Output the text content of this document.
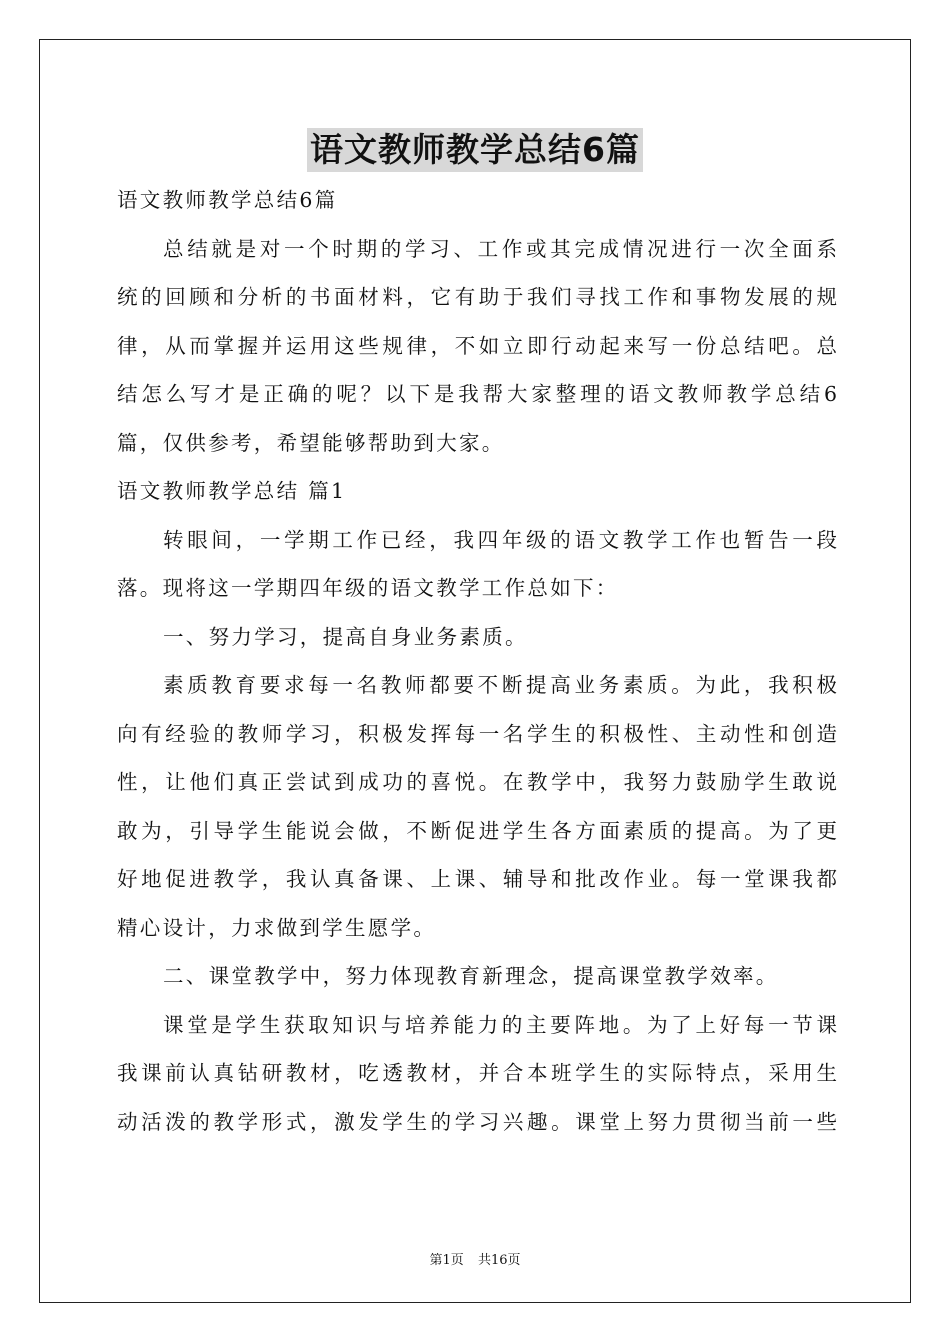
语文教师教学总结6篇
语文教师教学总结6篇
总结就是对一个时期的学习、工作或其完成情况进行一次全面系
统的回顾和分析的书面材料，它有助于我们寻找工作和事物发展的规
律，从而掌握并运用这些规律，不如立即行动起来写一份总结吧。总
结怎么写才是正确的呢？以下是我帮大家整理的语文教师教学总结6
篇，仅供参考，希望能够帮助到大家。
语文教师教学总结 篇1
转眼间，一学期工作已经，我四年级的语文教学工作也暂告一段
落。现将这一学期四年级的语文教学工作总如下：
一、努力学习，提高自身业务素质。
素质教育要求每一名教师都要不断提高业务素质。为此，我积极
向有经验的教师学习，积极发挥每一名学生的积极性、主动性和创造
性，让他们真正尝试到成功的喜悦。在教学中，我努力鼓励学生敢说
敢为，引导学生能说会做，不断促进学生各方面素质的提高。为了更
好地促进教学，我认真备课、上课、辅导和批改作业。每一堂课我都
精心设计，力求做到学生愿学。
二、课堂教学中，努力体现教育新理念，提高课堂教学效率。
课堂是学生获取知识与培养能力的主要阵地。为了上好每一节课
我课前认真钻研教材，吃透教材，并合本班学生的实际特点，采用生
动活泼的教学形式，激发学生的学习兴趣。课堂上努力贯彻当前一些
第1页 共16页
